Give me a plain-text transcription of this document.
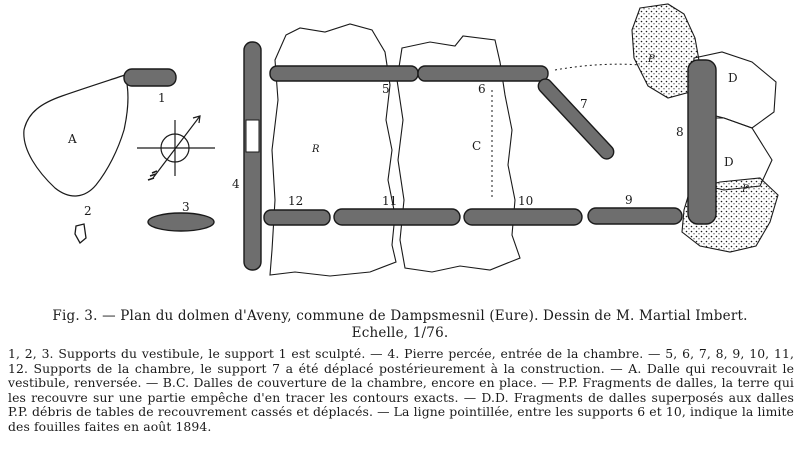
A
1
2	3
4
R	C
5	6
7
12	11	10	9
P
P
D
D
8
Fig. 3. — Plan du dolmen d'Aveny, commune de Dampsmesnil (Eure). Dessin de M. Martial Imbert.
Echelle, 1/76.
1, 2, 3. Supports du vestibule, le support 1 est sculpté. — 4. Pierre percée, entrée de la chambre. — 5, 6, 7, 8, 9, 10, 11, 12. Supports de la chambre, le support 7 a été déplacé postérieurement à la construction. — A. Dalle qui recouvrait le vestibule, renversée. — B.C. Dalles de couverture de la chambre, encore en place. — P.P. Fragments de dalles, la terre qui les recouvre sur une partie empêche d'en tracer les contours exacts. — D.D. Fragments de dalles superposés aux dalles P.P. débris de tables de recouvrement cassés et déplacés. — La ligne pointillée, entre les supports 6 et 10, indique la limite des fouilles faites en août 1894.
